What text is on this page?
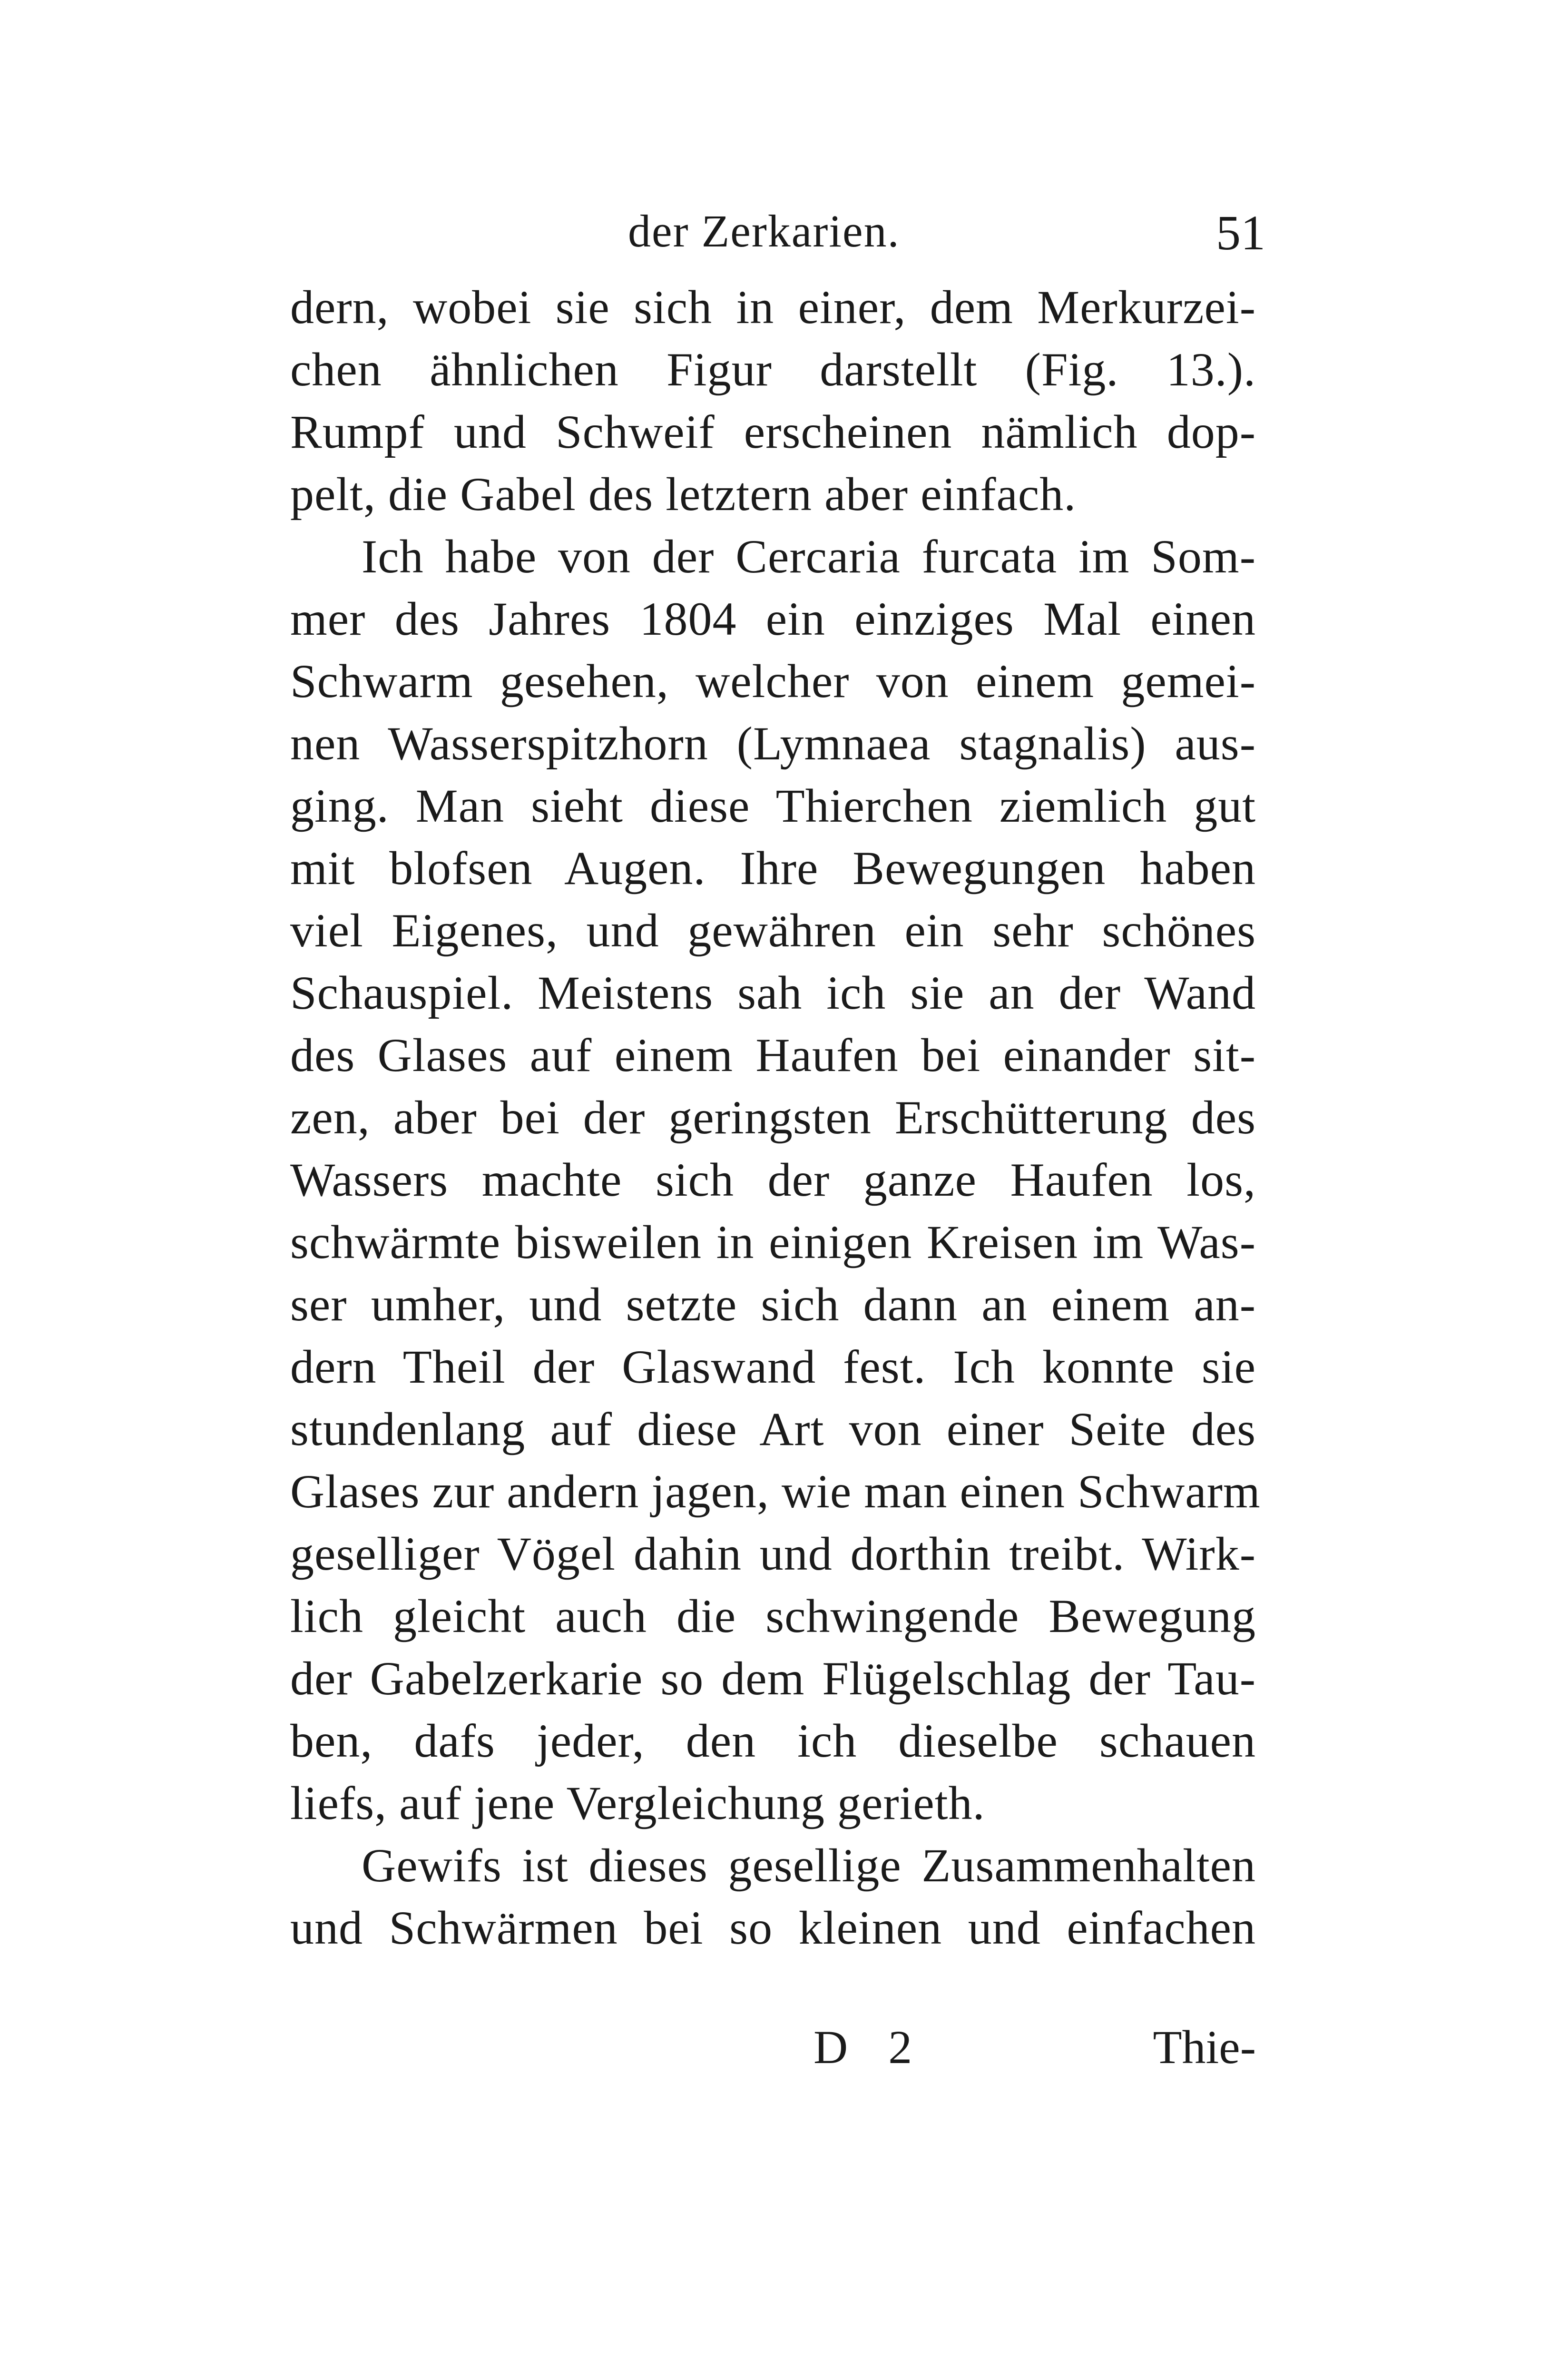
der Zerkarien.	51
dern, wobei sie sich in einer, dem Merkurzei-
chen ähnlichen Figur darstellt (Fig. 13.).
Rumpf und Schweif erscheinen nämlich dop-
pelt, die Gabel des letztern aber einfach.
Ich habe von der Cercaria furcata im Som-
mer des Jahres 1804 ein einziges Mal einen
Schwarm gesehen, welcher von einem gemei-
nen Wasserspitzhorn (Lymnaea stagnalis) aus-
ging. Man sieht diese Thierchen ziemlich gut
mit blofsen Augen. Ihre Bewegungen haben
viel Eigenes, und gewähren ein sehr schönes
Schauspiel. Meistens sah ich sie an der Wand
des Glases auf einem Haufen bei einander sit-
zen, aber bei der geringsten Erschütterung des
Wassers machte sich der ganze Haufen los,
schwärmte bisweilen in einigen Kreisen im Was-
ser umher, und setzte sich dann an einem an-
dern Theil der Glaswand fest. Ich konnte sie
stundenlang auf diese Art von einer Seite des
Glases zur andern jagen, wie man einen Schwarm
geselliger Vögel dahin und dorthin treibt. Wirk-
lich gleicht auch die schwingende Bewegung
der Gabelzerkarie so dem Flügelschlag der Tau-
ben, dafs jeder, den ich dieselbe schauen
liefs, auf jene Vergleichung gerieth.
Gewifs ist dieses gesellige Zusammenhalten
und Schwärmen bei so kleinen und einfachen
D 2	Thie-
